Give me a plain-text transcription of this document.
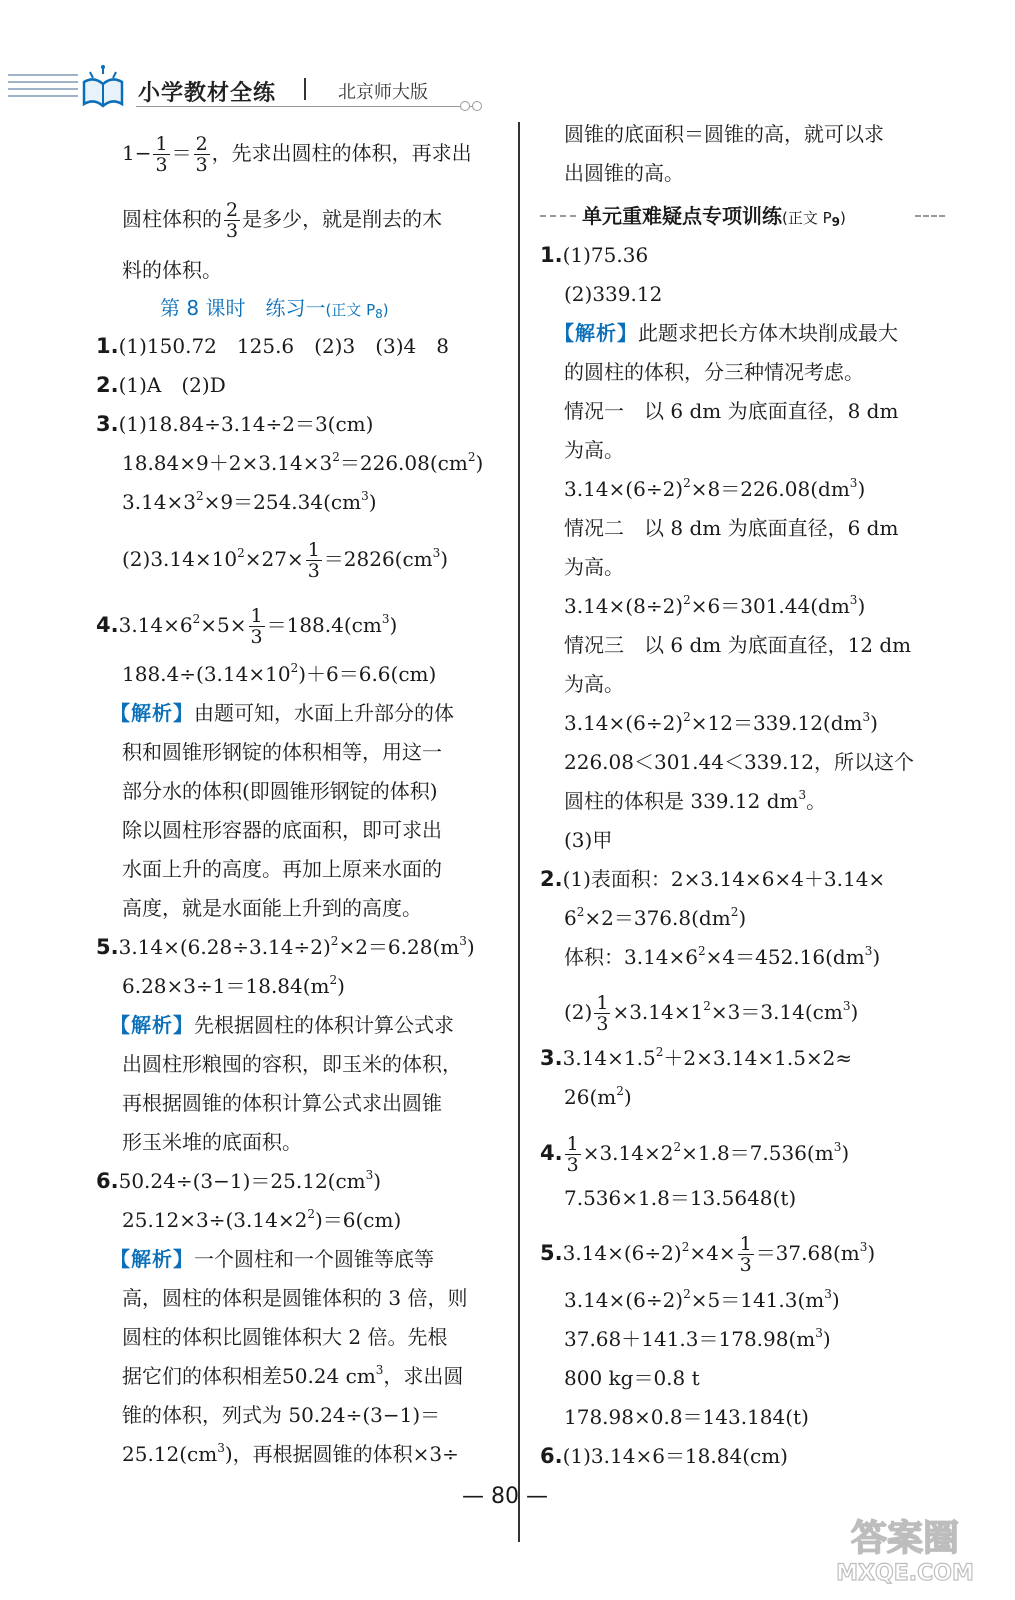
小学教材全练	北京师大版
$1- \frac{1}{3} = \frac{2}{3}$ ，先求出圆柱的体积，再求出
圆柱体积的 $\frac{2}{3}$ 是多少，就是削去的木
料的体积。
第 8 课时　练习一(正文 $P_8$)
1.(1)150.72　125.6　(2)3　(3)4　8
2.(1)A　(2)D
3.(1)18.84÷3.14÷2＝3(cm)
$18.84\times 9+2\times 3.14\times 3^2=226.08(cm^2)$
$3.14\times 3^2\times 9=254.34(cm^3)$
$(2)3.14\times 10^2\times 27\times \frac{1}{3} =2826(cm^3)$
$4.3.14\times 6^2\times 5\times \frac{1}{3} =188.4(cm^3)$
$188.4\div(3.14\times 10^2)+6=6.6(cm)$
【解析】由题可知，水面上升部分的体
积和圆锥形钢锭的体积相等，用这一
部分水的体积(即圆锥形钢锭的体积)
除以圆柱形容器的底面积，即可求出
水面上升的高度。再加上原来水面的
高度，就是水面能上升到的高度。
$5.3.14\times(6.28\div 3.14\div 2)^2\times 2=6.28(m^3)$
$6.28\times 3\div 1=18.84(m^2)$
【解析】先根据圆柱的体积计算公式求
出圆柱形粮囤的容积，即玉米的体积，
再根据圆锥的体积计算公式求出圆锥
形玉米堆的底面积。
$6.50.24\div(3-1)=25.12(cm^3)$
$25.12\times 3\div(3.14\times 2^2)=6(cm)$
【解析】一个圆柱和一个圆锥等底等
高，圆柱的体积是圆锥体积的 3 倍，则
圆柱的体积比圆锥体积大 2 倍。先根
据它们的体积相差50.24 $cm^3$，求出圆
锥的体积，列式为 50.24÷(3−1)＝
$25.12(cm^3)$，再根据圆锥的体积×3÷
圆锥的底面积＝圆锥的高，就可以求
出圆锥的高。
单元重难疑点专项训练(正文 $P_9$)
1.(1)75.36
(2)339.12
【解析】此题求把长方体木块削成最大
的圆柱的体积，分三种情况考虑。
情况一　以 6 dm 为底面直径，8 dm
为高。
$3.14\times(6\div 2)^2\times 8=226.08(dm^3)$
情况二　以 8 dm 为底面直径，6 dm
为高。
$3.14\times(8\div 2)^2\times 6=301.44(dm^3)$
情况三　以 6 dm 为底面直径，12 dm
为高。
$3.14\times(6\div 2)^2\times 12=339.12(dm^3)$
226.08＜301.44＜339.12，所以这个
圆柱的体积是 339.12 $dm^3$。
(3)甲
2.(1)表面积：2×3.14×6×4＋3.14×
$6^2\times 2=376.8(dm^2)$
体积：$3.14\times 6^2\times 4=452.16(dm^3)$
$(2) \frac{1}{3} \times 3.14\times 1^2\times 3=3.14(cm^3)$
$3.3.14\times 1.5^2+2\times 3.14\times 1.5\times 2\approx$
$26(m^2)$
4. $\frac{1}{3} \times 3.14\times 2^2\times 1.8=7.536(m^3)$
7.536×1.8＝13.5648(t)
$5.3.14\times(6\div 2)^2\times 4\times \frac{1}{3} =37.68(m^3)$
$3.14\times(6\div 2)^2\times 5=141.3(m^3)$
$37.68+141.3=178.98(m^3)$
800 kg＝0.8 t
178.98×0.8＝143.184(t)
6.(1)3.14×6＝18.84(cm)
— 80 —
答案圈
MXQE.COM
